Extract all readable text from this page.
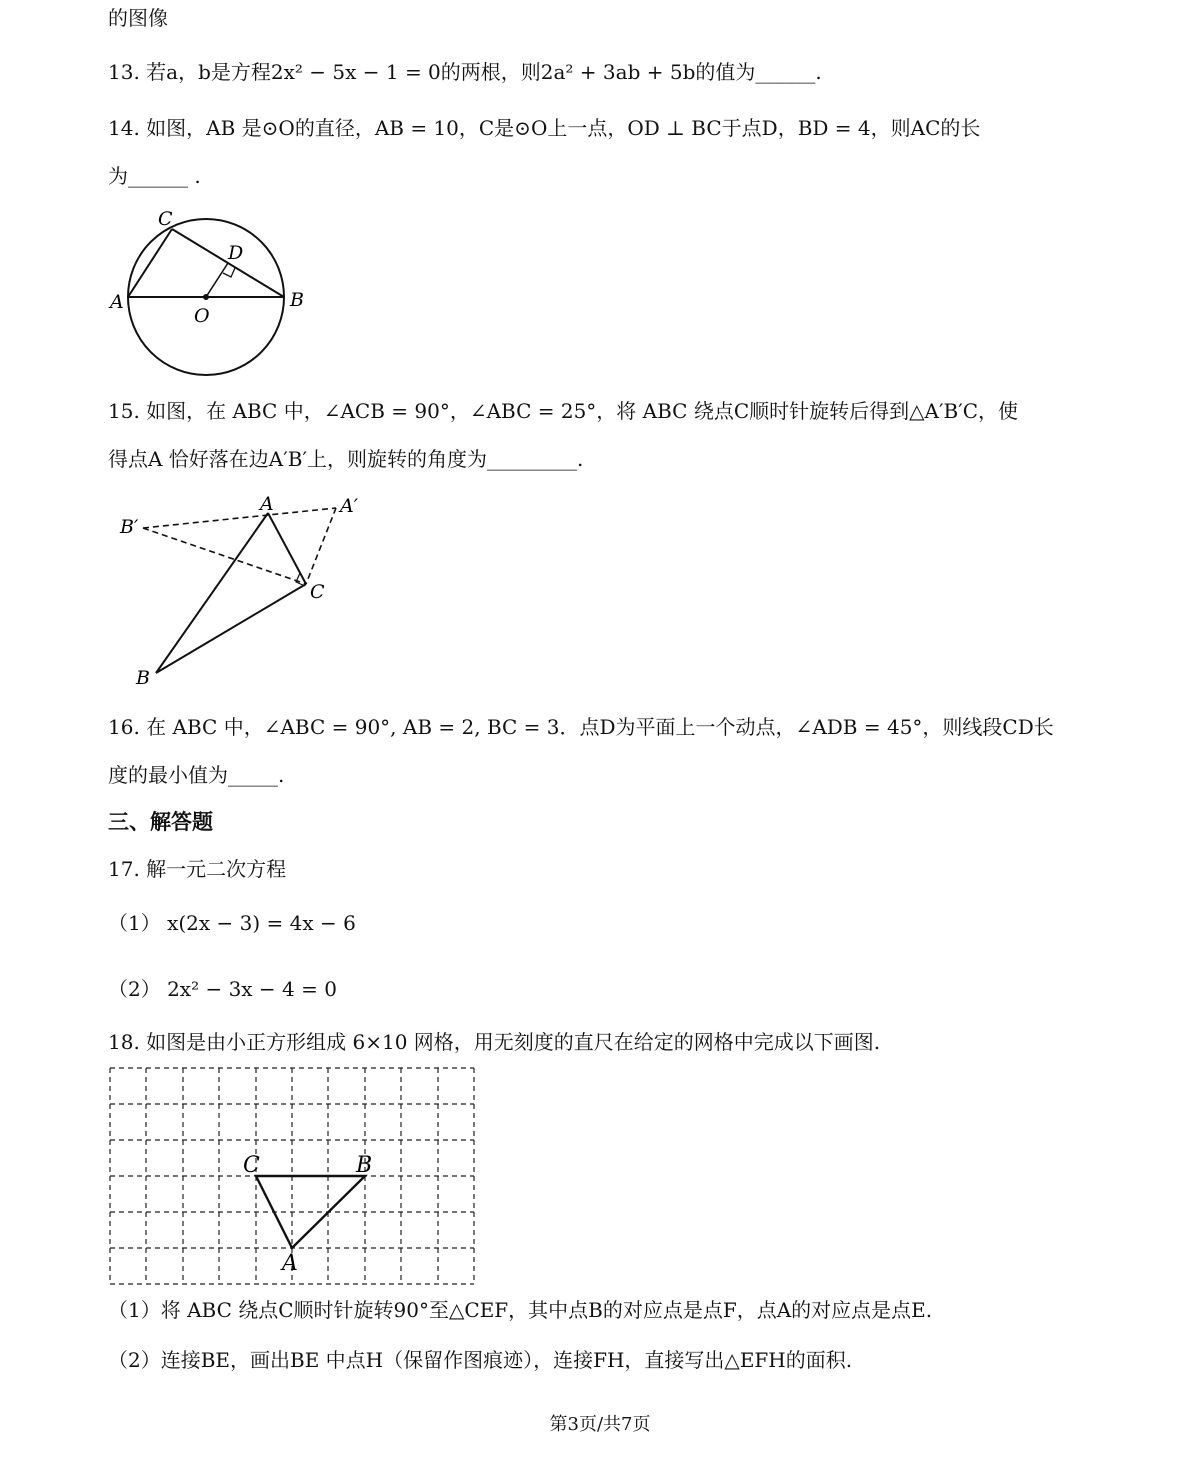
的图像
13. 若a，b是方程2x² − 5x − 1 = 0的两根，则2a² + 3ab + 5b的值为______.
14. 如图，AB 是⊙O的直径，AB = 10，C是⊙O上一点，OD ⊥ BC于点D，BD = 4，则AC的长
为______ .
C
D
A	B
O
15. 如图，在 ABC 中，∠ACB = 90°，∠ABC = 25°，将 ABC 绕点C顺时针旋转后得到△A′B′C，使
得点A 恰好落在边A′B′上，则旋转的角度为_________.
A	A′
B′
C
B
16. 在 ABC 中，∠ABC = 90°, AB = 2, BC = 3．点D为平面上一个动点，∠ADB = 45°，则线段CD长
度的最小值为_____.
三、解答题
17. 解一元二次方程
（1） x(2x − 3) = 4x − 6
（2） 2x² − 3x − 4 = 0
18. 如图是由小正方形组成 6×10 网格，用无刻度的直尺在给定的网格中完成以下画图.
C	B
A
（1）将 ABC 绕点C顺时针旋转90°至△CEF，其中点B的对应点是点F，点A的对应点是点E.
（2）连接BE，画出BE 中点H（保留作图痕迹），连接FH，直接写出△EFH的面积.
第3页/共7页
